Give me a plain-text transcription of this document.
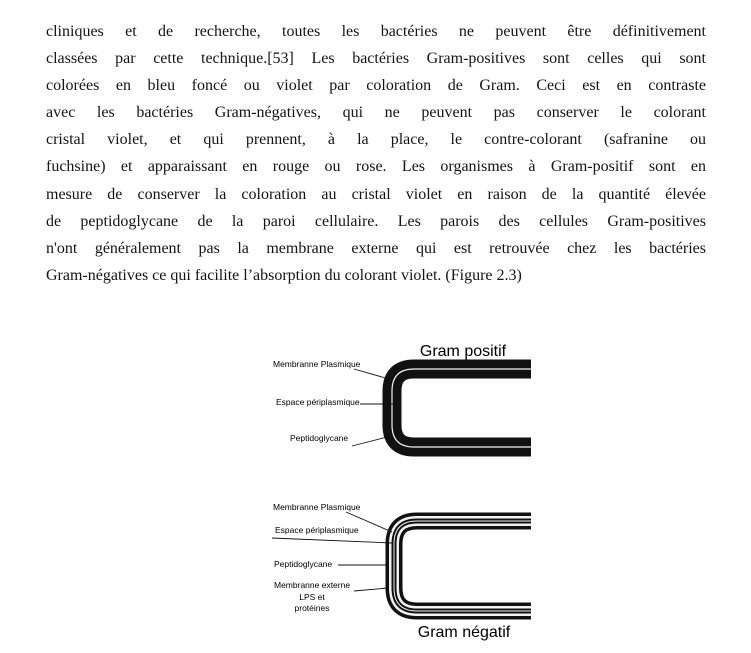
cliniques et de recherche, toutes les bactéries ne peuvent être définitivement
classées par cette technique.[53] Les bactéries Gram-positives sont celles qui sont
colorées en bleu foncé ou violet par coloration de Gram. Ceci est en contraste
avec les bactéries Gram-négatives, qui ne peuvent pas conserver le colorant
cristal violet, et qui prennent, à la place, le contre-colorant (safranine ou
fuchsine) et apparaissant en rouge ou rose. Les organismes à Gram-positif sont en
mesure de conserver la coloration au cristal violet en raison de la quantité élevée
de peptidoglycane de la paroi cellulaire. Les parois des cellules Gram-positives
n'ont généralement pas la membrane externe qui est retrouvée chez les bactéries
Gram-négatives ce qui facilite l’absorption du colorant violet. (Figure 2.3)
Gram positif
Membranne Plasmique
Espace périplasmique
Peptidoglycane
Membranne Plasmique
Espace périplasmique
Peptidoglycane
Membranne externe
LPS et
protéines
Gram négatif
